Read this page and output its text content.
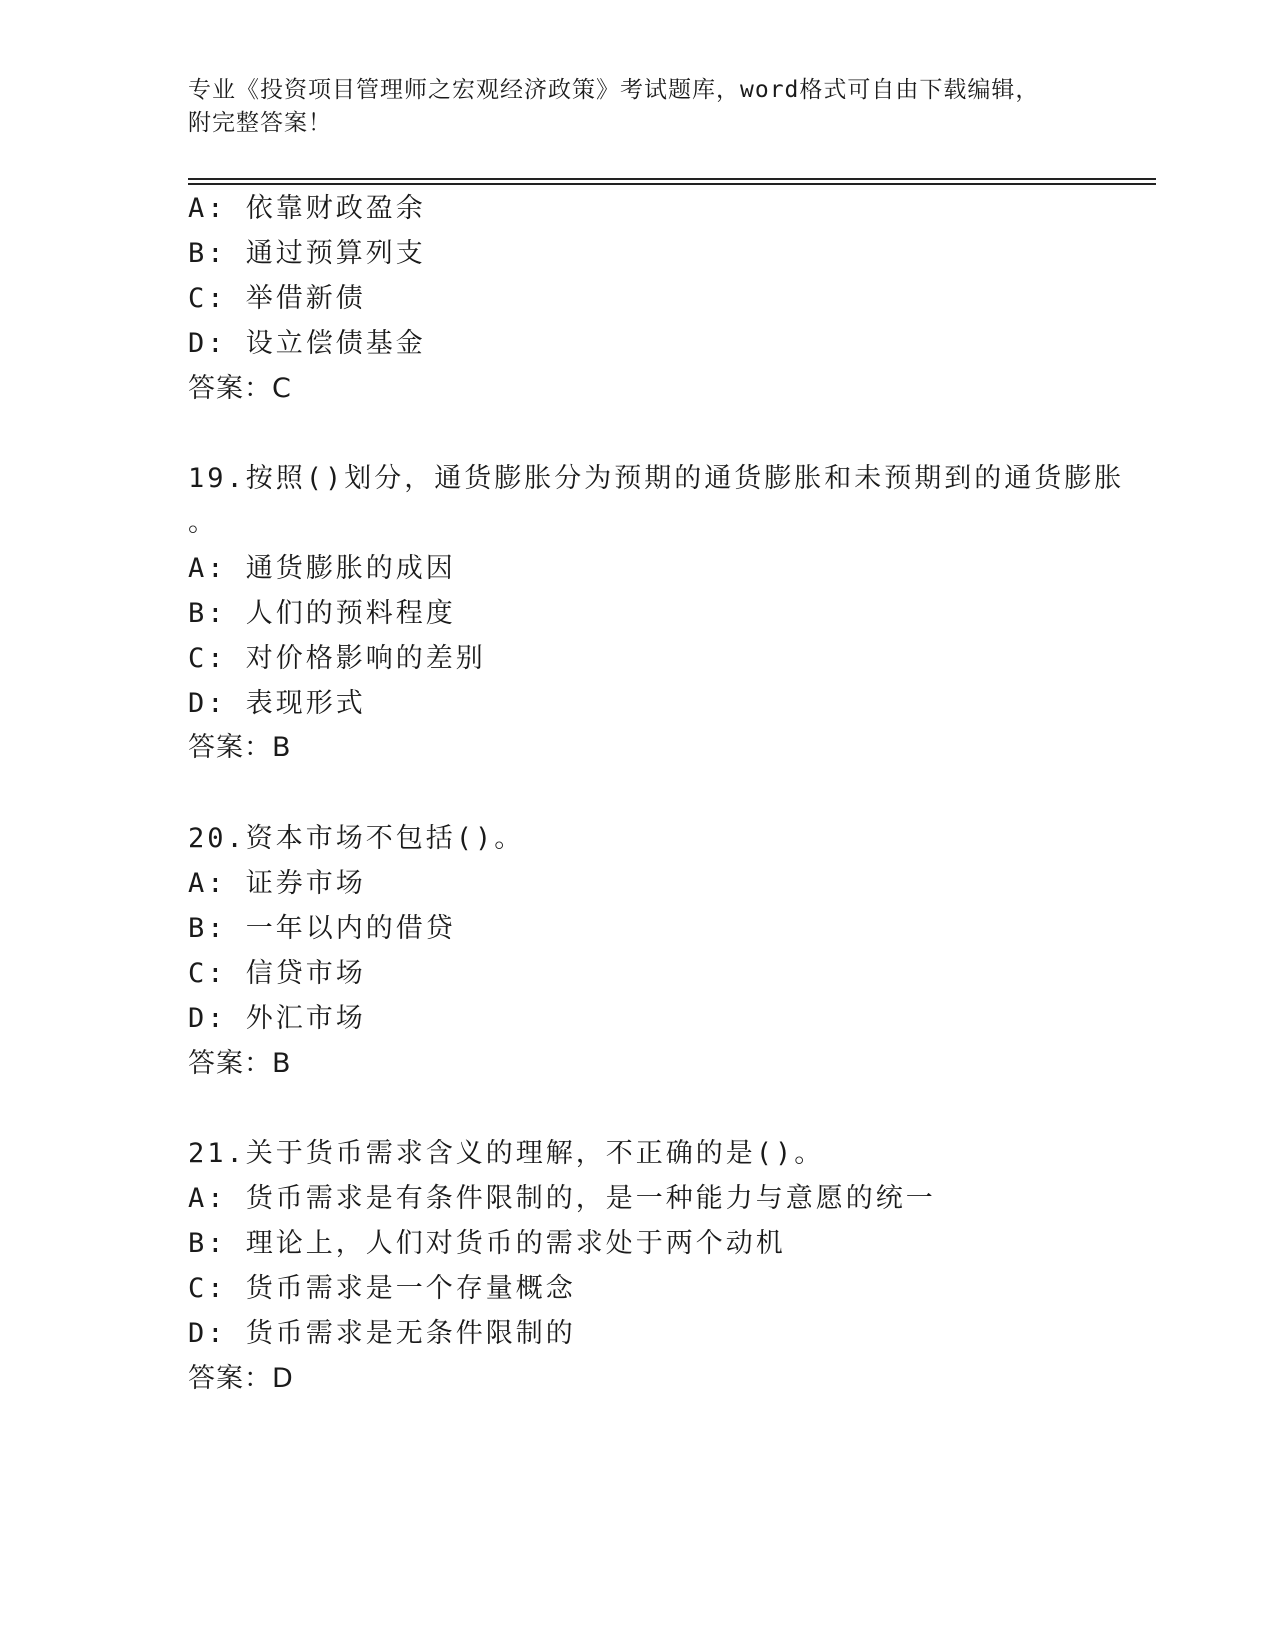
专业《投资项目管理师之宏观经济政策》考试题库，word格式可自由下载编辑，
附完整答案！
A: 依靠财政盈余
B: 通过预算列支
C: 举借新债
D: 设立偿债基金
答案：C
19.按照()划分，通货膨胀分为预期的通货膨胀和未预期到的通货膨胀
。
A: 通货膨胀的成因
B: 人们的预料程度
C: 对价格影响的差别
D: 表现形式
答案：B
20.资本市场不包括()。
A: 证券市场
B: 一年以内的借贷
C: 信贷市场
D: 外汇市场
答案：B
21.关于货币需求含义的理解，不正确的是()。
A: 货币需求是有条件限制的，是一种能力与意愿的统一
B: 理论上，人们对货币的需求处于两个动机
C: 货币需求是一个存量概念
D: 货币需求是无条件限制的
答案：D
